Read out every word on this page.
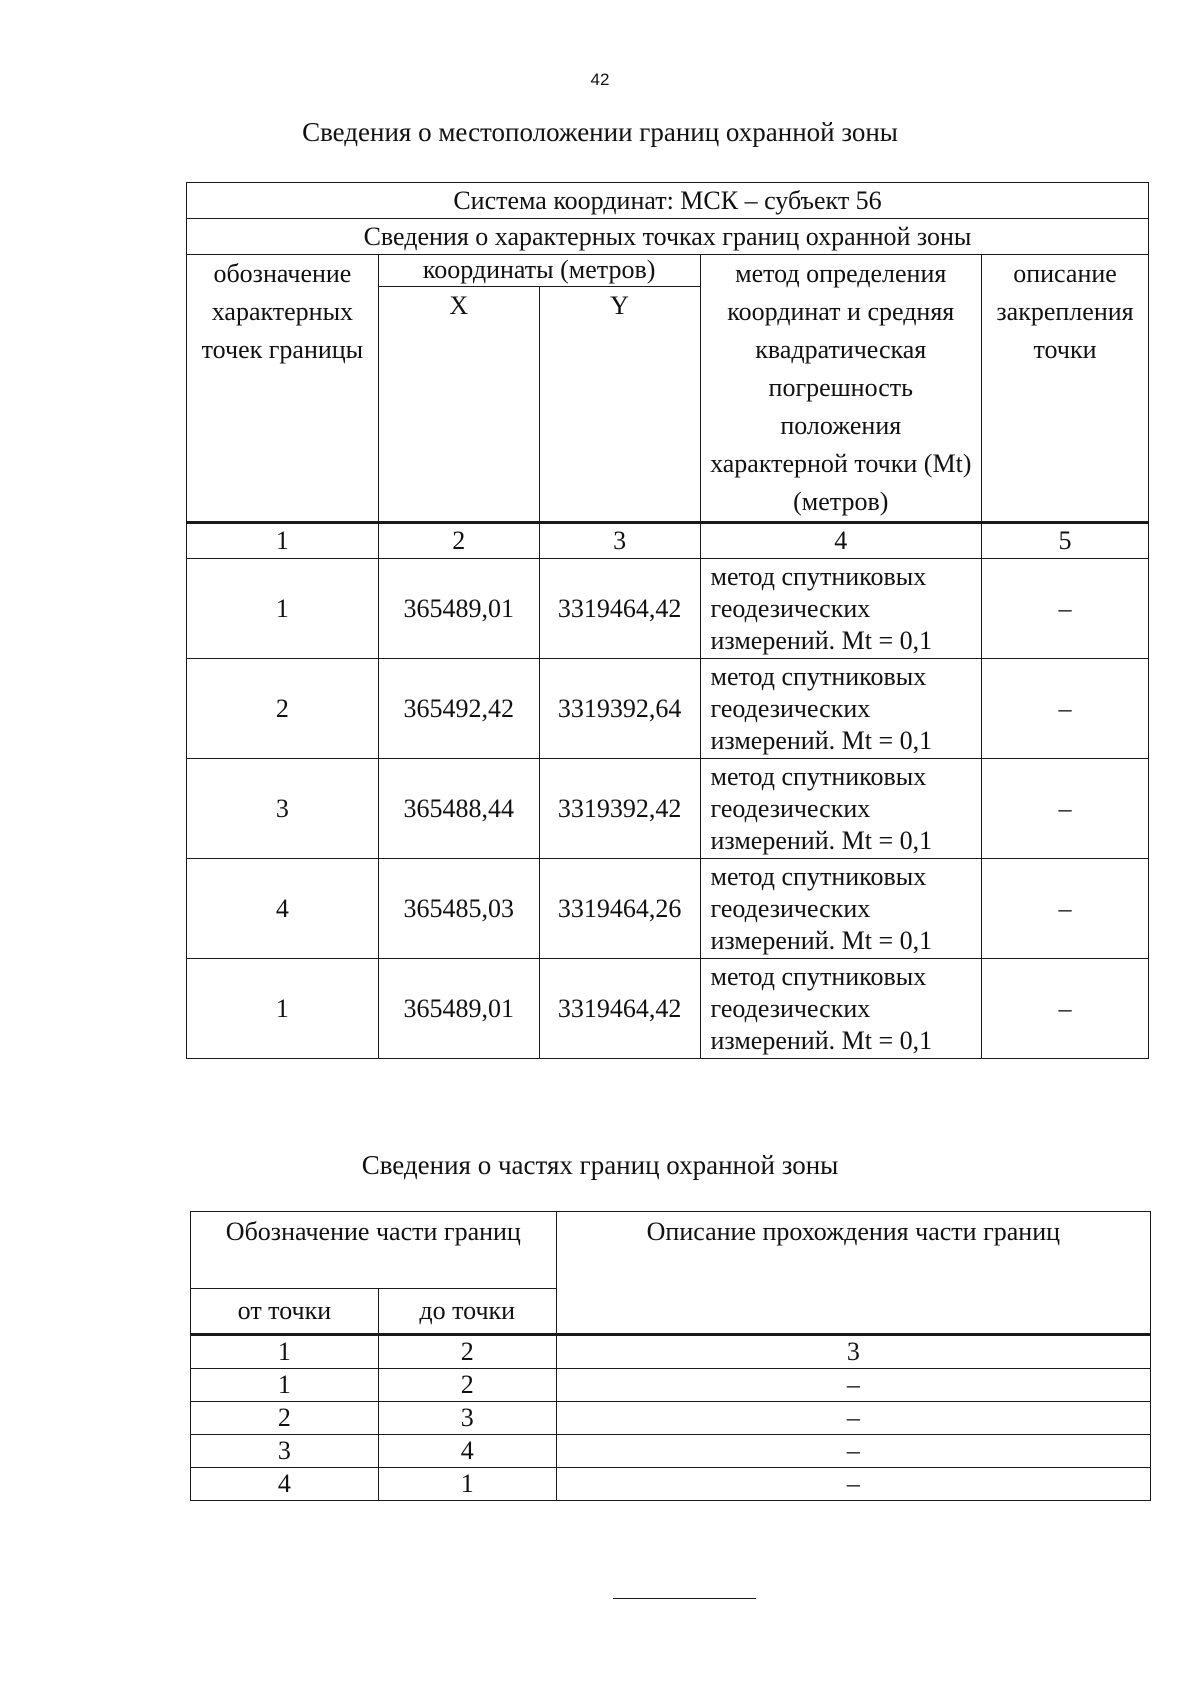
42
Сведения о местоположении границ охранной зоны
Система координат: МСК – субъект 56				
Сведения о характерных точках границ охранной зоны				
обозначение характерных точек границы	координаты (метров)		метод определения координат и средняя квадратическая погрешность положения характерной точки (Mt) (метров)	описание закрепления точки
	X	Y		
1	2	3	4	5
1	365489,01	3319464,42	метод спутниковых геодезических измерений. Mt = 0,1	–
2	365492,42	3319392,64	метод спутниковых геодезических измерений. Mt = 0,1	–
3	365488,44	3319392,42	метод спутниковых геодезических измерений. Mt = 0,1	–
4	365485,03	3319464,26	метод спутниковых геодезических измерений. Mt = 0,1	–
1	365489,01	3319464,42	метод спутниковых геодезических измерений. Mt = 0,1	–
Сведения о частях границ охранной зоны
Обозначение части границ		Описание прохождения части границ
от точки	до точки	
1	2	3
1	2	–
2	3	–
3	4	–
4	1	–
